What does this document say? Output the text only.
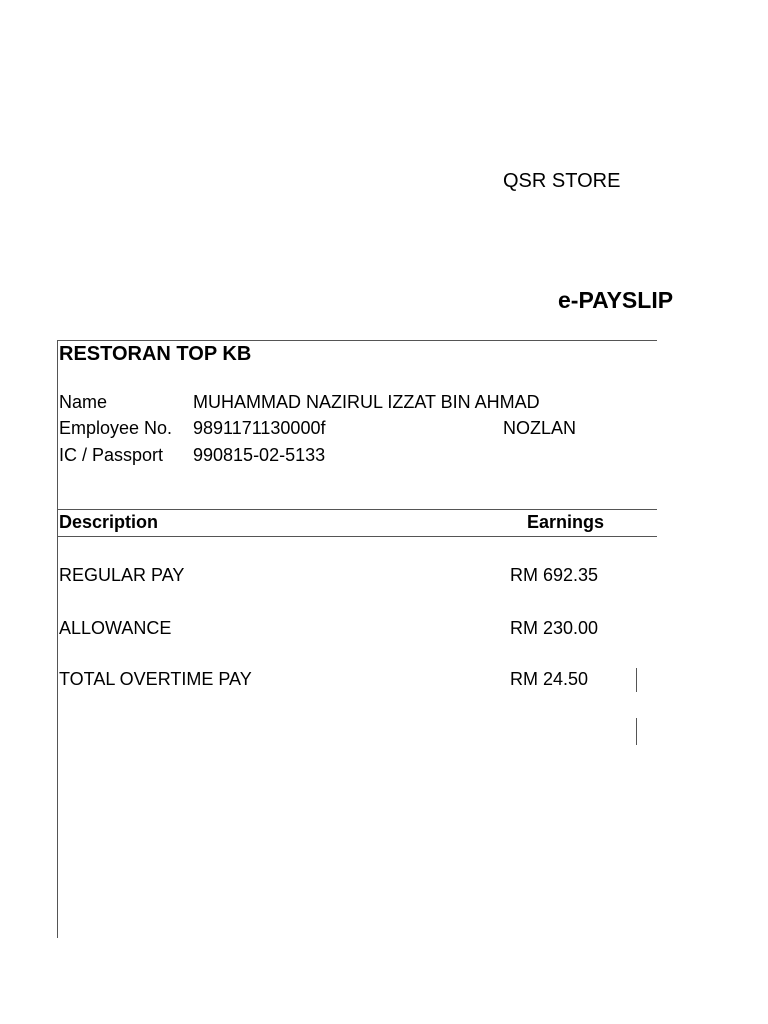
QSR STORE
e-PAYSLIP
RESTORAN TOP KB
Name	MUHAMMAD NAZIRUL IZZAT BIN AHMAD
Employee No. 9891171130000f	NOZLAN
IC / Passport 990815-02-5133
Description	Earnings
REGULAR PAY	RM 692.35
ALLOWANCE	RM 230.00
TOTAL OVERTIME PAY	RM 24.50
